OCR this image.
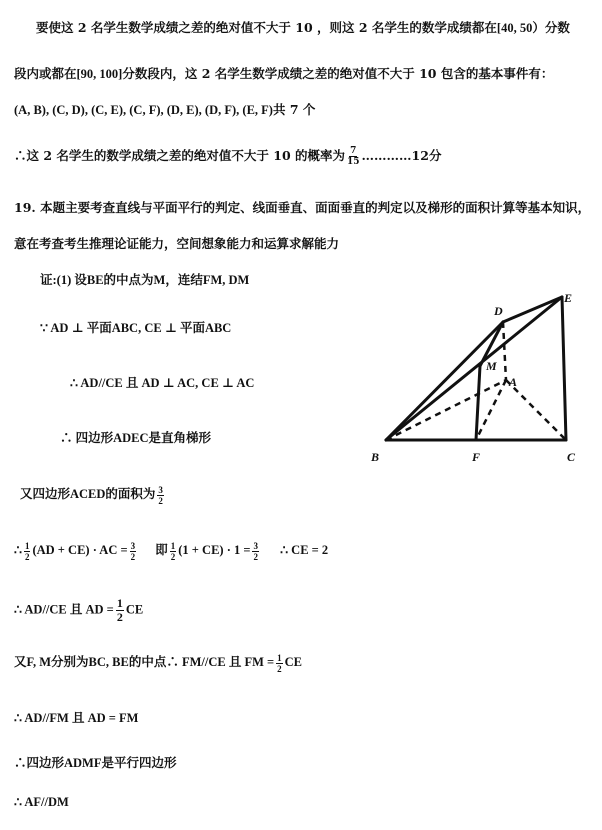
要使这 2 名学生数学成绩之差的绝对值不大于 10 ，则这 2 名学生的数学成绩都在[40, 50）分数
段内或都在[90, 100]分数段内，这 2 名学生数学成绩之差的绝对值不大于 10 包含的基本事件有：
(A, B), (C, D), (C, E), (C, F), (D, E), (D, F), (E, F)共 7 个
∴这 2 名学生的数学成绩之差的绝对值不大于 10 的概率为 $\frac{7}{15}$ …………12分
19. 本题主要考查直线与平面平行的判定、线面垂直、面面垂直的判定以及梯形的面积计算等基本知识，
意在考查考生推理论证能力，空间想象能力和运算求解能力
证:(1) 设BE的中点为M，连结FM, DM
∵ AD ⊥ 平面ABC, CE ⊥ 平面ABC
∴ AD//CE 且 AD ⊥ AC, CE ⊥ AC
∴ 四边形ADEC是直角梯形
又四边形ACED的面积为 $\frac{3}{2}$
∴ $\frac{1}{2} (AD + CE)$ · AC = $\frac{3}{2}$ 即 $\frac{1}{2} (1 + CE) \cdot 1 = \frac{3}{2}$ ∴ CE = 2
∴ AD//CE 且 AD = $\frac{1}{2}$ CE
又F, M分别为BC, BE的中点∴ FM//CE 且 FM = $\frac{1}{2}$ CE
∴ AD//FM 且 AD = FM
∴四边形ADMF是平行四边形
∴ AF//DM
D
E
M
A
B	F	C
